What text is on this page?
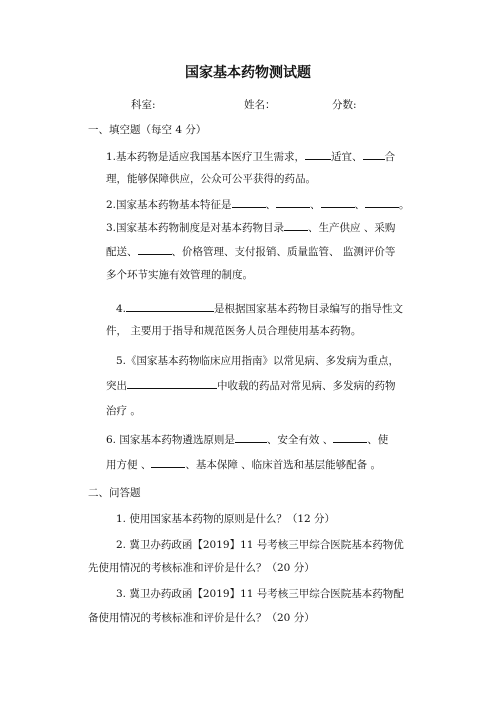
国家基本药物测试题
科室:	姓名：	分数:
一、填空题（每空 4 分）
1.基本药物是适应我国基本医疗卫生需求， 适宜、 合
理，能够保障供应，公众可公平获得的药品。
2.国家基本药物基本特征是	、	、	、	。
3.国家基本药物制度是对基本药物目录 、生产供应 、采购
配送、	、价格管理、支付报销、质量监管、 监测评价等
多个环节实施有效管理的制度。
4.	是根据国家基本药物目录编写的指导性文
件， 主要用于指导和规范医务人员合理使用基本药物。
5.《国家基本药物临床应用指南》以常见病、多发病为重点，
突出	中收载的药品对常见病、多发病的药物
治疗 。
6. 国家基本药物遴选原则是	、安全有效 、	、使
用方便 、	、基本保障 、临床首选和基层能够配备 。
二、问答题
1. 使用国家基本药物的原则是什么？（12 分）
2. 冀卫办药政函【2019】11 号考核三甲综合医院基本药物优
先使用情况的考核标准和评价是什么？（20 分）
3. 冀卫办药政函【2019】11 号考核三甲综合医院基本药物配
备使用情况的考核标准和评价是什么？（20 分）
